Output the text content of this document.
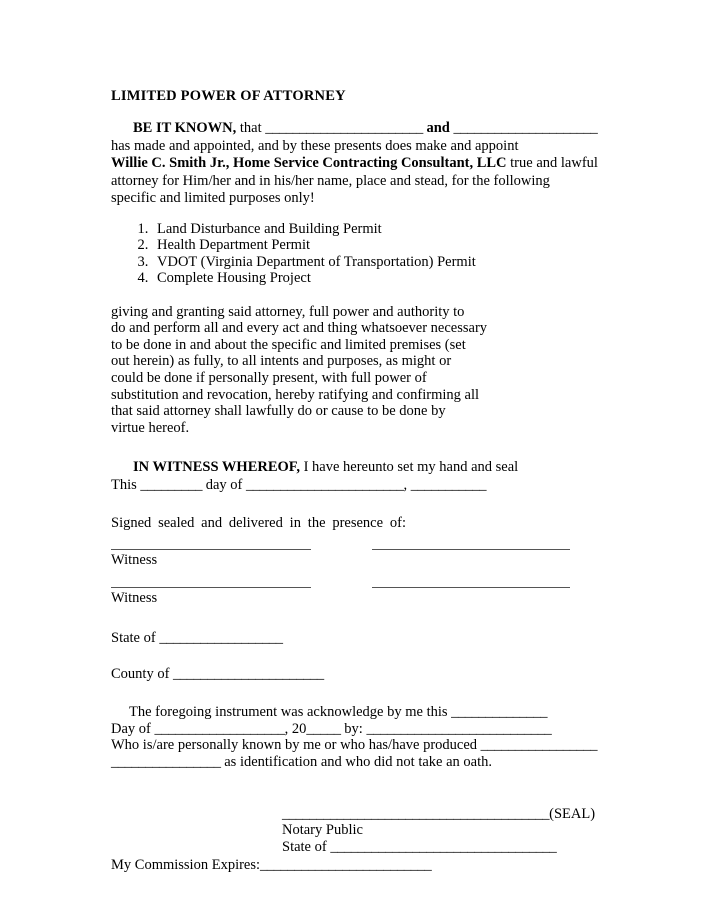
LIMITED POWER OF ATTORNEY
BE IT KNOWN, that _______________________ and _____________________
has made and appointed, and by these presents does make and appoint
Willie C. Smith Jr., Home Service Contracting Consultant, LLC true and lawful
attorney for Him/her and in his/her name, place and stead, for the following
specific and limited purposes only!
1. Land Disturbance and Building Permit
2. Health Department Permit
3. VDOT (Virginia Department of Transportation) Permit
4. Complete Housing Project
giving and granting said attorney, full power and authority to
do and perform all and every act and thing whatsoever necessary
to be done in and about the specific and limited premises (set
out herein) as fully, to all intents and purposes, as might or
could be done if personally present, with full power of
substitution and revocation, hereby ratifying and confirming all
that said attorney shall lawfully do or cause to be done by
virtue hereof.
IN WITNESS WHEREOF, I have hereunto set my hand and seal
This _________ day of _______________________, ___________
Signed sealed and delivered in the presence of:
Witness
Witness
State of __________________
County of ______________________
The foregoing instrument was acknowledge by me this ______________
Day of ___________________, 20_____ by: ___________________________
Who is/are personally known by me or who has/have produced _________________
________________ as identification and who did not take an oath.
_______________________________________(SEAL)
Notary Public
State of _________________________________
My Commission Expires:_________________________
